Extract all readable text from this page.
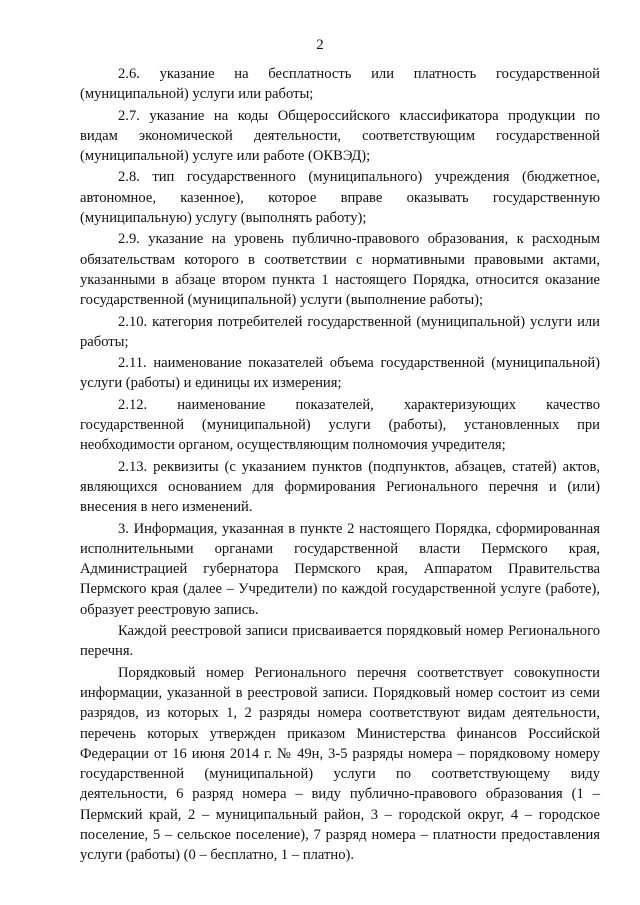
2

2.6. указание на бесплатность или платность государственной (муниципальной) услуги или работы;

2.7. указание на коды Общероссийского классификатора продукции по видам экономической деятельности, соответствующим государственной (муниципальной) услуге или работе (ОКВЭД);

2.8. тип государственного (муниципального) учреждения (бюджетное, автономное, казенное), которое вправе оказывать государственную (муниципальную) услугу (выполнять работу);

2.9. указание на уровень публично-правового образования, к расходным обязательствам которого в соответствии с нормативными правовыми актами, указанными в абзаце втором пункта 1 настоящего Порядка, относится оказание государственной (муниципальной) услуги (выполнение работы);

2.10. категория потребителей государственной (муниципальной) услуги или работы;

2.11. наименование показателей объема государственной (муниципальной) услуги (работы) и единицы их измерения;

2.12. наименование показателей, характеризующих качество государственной (муниципальной) услуги (работы), установленных при необходимости органом, осуществляющим полномочия учредителя;

2.13. реквизиты (с указанием пунктов (подпунктов, абзацев, статей) актов, являющихся основанием для формирования Регионального перечня и (или) внесения в него изменений.

3. Информация, указанная в пункте 2 настоящего Порядка, сформированная исполнительными органами государственной власти Пермского края, Администрацией губернатора Пермского края, Аппаратом Правительства Пермского края (далее – Учредители) по каждой государственной услуге (работе), образует реестровую запись.

Каждой реестровой записи присваивается порядковый номер Регионального перечня.

Порядковый номер Регионального перечня соответствует совокупности информации, указанной в реестровой записи. Порядковый номер состоит из семи разрядов, из которых 1, 2 разряды номера соответствуют видам деятельности, перечень которых утвержден приказом Министерства финансов Российской Федерации от 16 июня 2014 г. № 49н, 3-5 разряды номера – порядковому номеру государственной (муниципальной) услуги по соответствующему виду деятельности, 6 разряд номера – виду публично-правового образования (1 – Пермский край, 2 – муниципальный район, 3 – городской округ, 4 – городское поселение, 5 – сельское поселение), 7 разряд номера – платности предоставления услуги (работы) (0 – бесплатно, 1 – платно).
